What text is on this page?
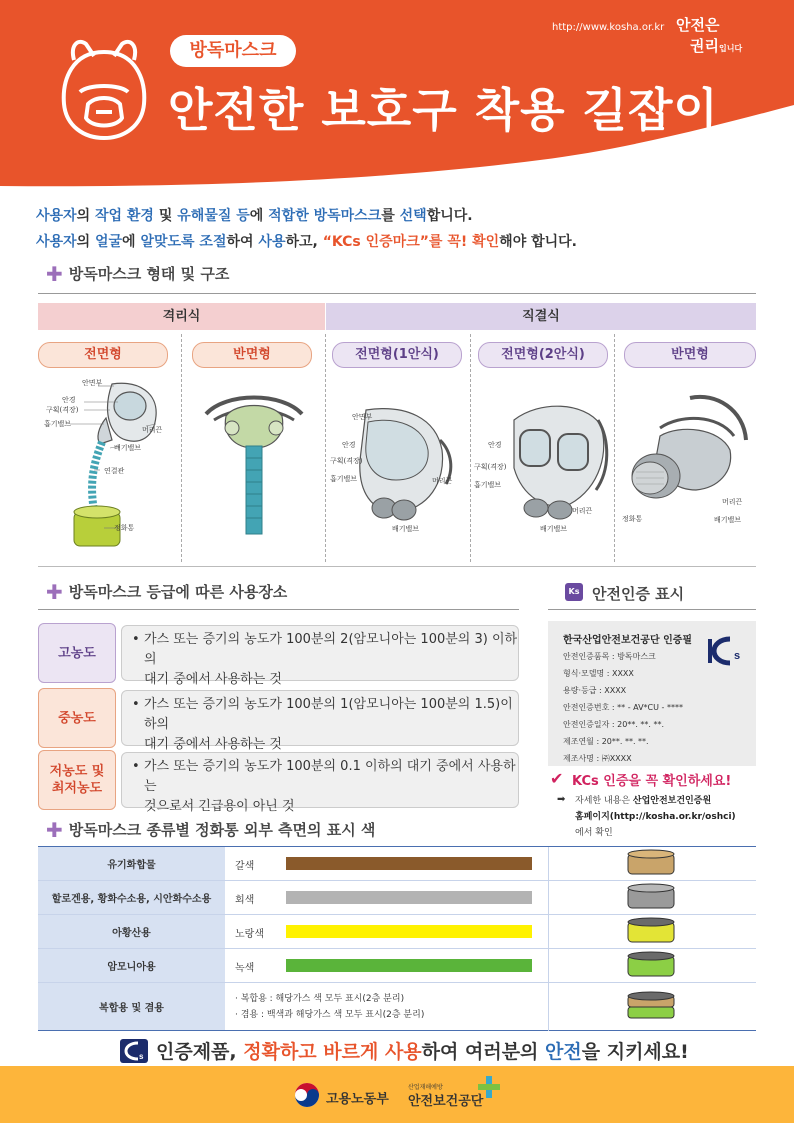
http://www.kosha.or.kr 안전은
권리입니다
방독마스크
안전한 보호구 착용 길잡이
사용자의 작업 환경 및 유해물질 등에 적합한 방독마스크를 선택합니다.
사용자의 얼굴에 알맞도록 조절하여 사용하고, “KCs 인증마크”를 꼭! 확인해야 합니다.
✚ 방독마스크 형태 및 구조
격리식	직결식
전면형	반면형	전면형(1안식)	전면형(2안식)	반면형
안면부
안경
구획(격장)
흡기밸브
머리끈
배기밸브
연결관
정화통
안면부
안경
구획(격장)
흡기밸브	머리끈
배기밸브
안경
구획(격장)
흡기밸브
머리끈
배기밸브
머리끈
정화통	배기밸브
✚ 방독마스크 등급에 따른 사용장소
고농도
• 가스 또는 증기의 농도가 100분의 2(암모니아는 100분의 3) 이하의
대기 중에서 사용하는 것
중농도
• 가스 또는 증기의 농도가 100분의 1(암모니아는 100분의 1.5)이하의
대기 중에서 사용하는 것
저농도 및
최저농도
• 가스 또는 증기의 농도가 100분의 0.1 이하의 대기 중에서 사용하는
것으로서 긴급용이 아닌 것
Ks 안전인증 표시
한국산업안전보건공단 인증필
안전인증품목 : 방독마스크
형식·모델명 : XXXX
용량·등급 : XXXX
안전인증번호 : ** - AV*CU - ****
안전인증일자 : 20**. **. **.
제조연월 : 20**. **. **.
제조사명 : ㈜XXXX
s
✔ KCs 인증을 꼭 확인하세요!
➡ 자세한 내용은 산업안전보건인증원
홈페이지(http://kosha.or.kr/oshci)
에서 확인
✚ 방독마스크 종류별 정화통 외부 측면의 표시 색
유기화합물	갈색
할로겐용, 황화수소용, 시안화수소용	회색
아황산용	노랑색
암모니아용	녹색
복합용 및 겸용
· 복합용 : 해당가스 색 모두 표시(2층 분리)
· 겸용 : 백색과 해당가스 색 모두 표시(2층 분리)
s 인증제품, 정확하고 바르게 사용하여 여러분의 안전을 지키세요!
고용노동부
산업재해예방
안전보건공단
